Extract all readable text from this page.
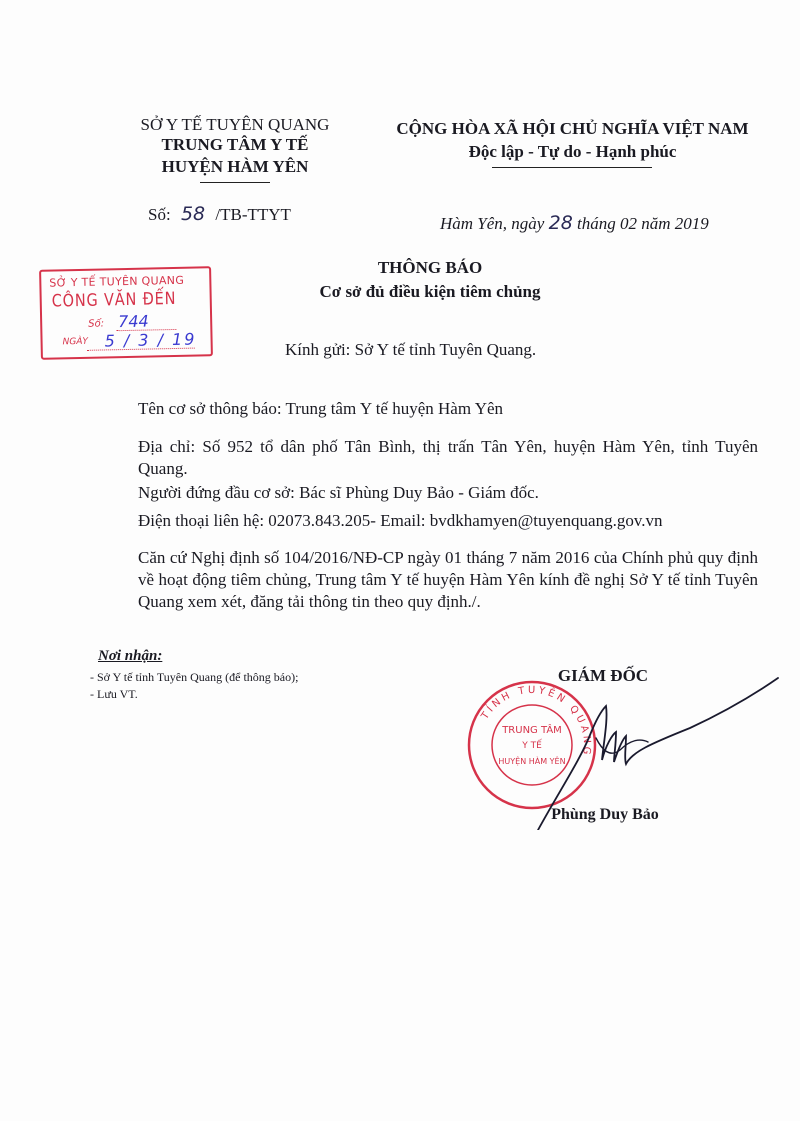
SỞ Y TẾ TUYÊN QUANG
TRUNG TÂM Y TẾ
HUYỆN HÀM YÊN
CỘNG HÒA XÃ HỘI CHỦ NGHĨA VIỆT NAM
Độc lập - Tự do - Hạnh phúc
Số: 58 /TB-TTYT	Hàm Yên, ngày 28 tháng 02 năm 2019
SỞ Y TẾ TUYÊN QUANG
CÔNG VĂN ĐẾN
Số: 744
NGÀY 5 / 3 / 19
THÔNG BÁO
Cơ sở đủ điều kiện tiêm chủng
Kính gửi: Sở Y tế tỉnh Tuyên Quang.
Tên cơ sở thông báo: Trung tâm Y tế huyện Hàm Yên
Địa chỉ: Số 952 tổ dân phố Tân Bình, thị trấn Tân Yên, huyện Hàm Yên, tỉnh Tuyên Quang.
Người đứng đầu cơ sở: Bác sĩ Phùng Duy Bảo - Giám đốc.
Điện thoại liên hệ: 02073.843.205- Email: bvdkhamyen@tuyenquang.gov.vn
Căn cứ Nghị định số 104/2016/NĐ-CP ngày 01 tháng 7 năm 2016 của Chính phủ quy định về hoạt động tiêm chủng, Trung tâm Y tế huyện Hàm Yên kính đề nghị Sở Y tế tỉnh Tuyên Quang xem xét, đăng tải thông tin theo quy định./.
Nơi nhận:
- Sở Y tế tỉnh Tuyên Quang (để thông báo);
- Lưu VT.
GIÁM ĐỐC
TỈNH TUYÊN QUANG
TRUNG TÂM
Y TẾ
HUYỆN HÀM YÊN
Phùng Duy Bảo
